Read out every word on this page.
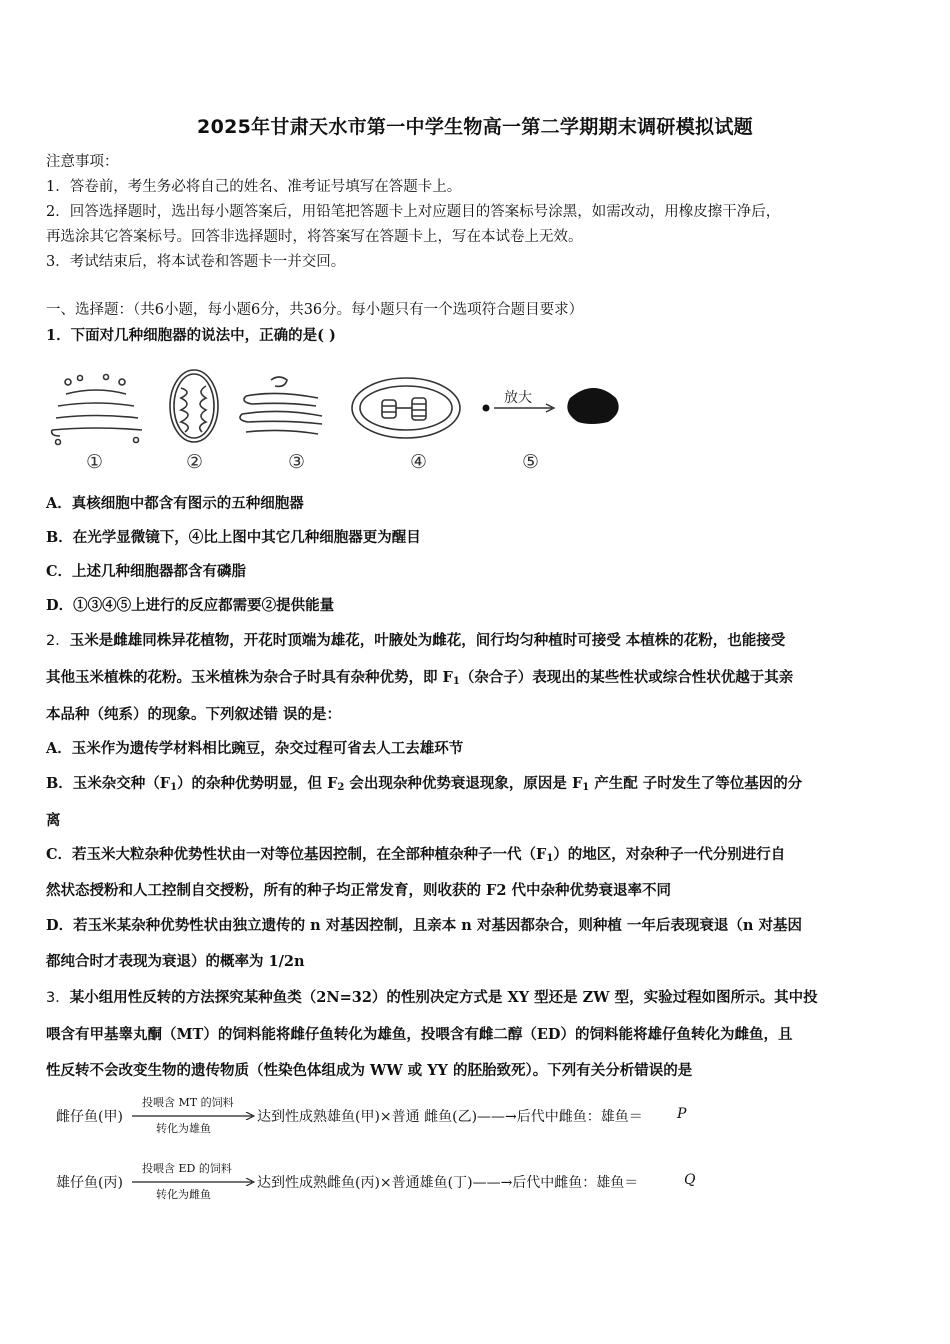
2025年甘肃天水市第一中学生物高一第二学期期末调研模拟试题
注意事项：
1．答卷前，考生务必将自己的姓名、准考证号填写在答题卡上。
2．回答选择题时，选出每小题答案后，用铅笔把答题卡上对应题目的答案标号涂黑，如需改动，用橡皮擦干净后，
再选涂其它答案标号。回答非选择题时，将答案写在答题卡上，写在本试卷上无效。
3．考试结束后，将本试卷和答题卡一并交回。
一、选择题：（共6小题，每小题6分，共36分。每小题只有一个选项符合题目要求）
1．下面对几种细胞器的说法中，正确的是( )
放大
①	②	③	④	⑤
A．真核细胞中都含有图示的五种细胞器
B．在光学显微镜下，④比上图中其它几种细胞器更为醒目
C．上述几种细胞器都含有磷脂
D．①③④⑤上进行的反应都需要②提供能量
2．玉米是雌雄同株异花植物，开花时顶端为雄花，叶腋处为雌花，间行均匀种植时可接受 本植株的花粉，也能接受
其他玉米植株的花粉。玉米植株为杂合子时具有杂种优势，即 $F_1$（杂合子）表现出的某些性状或综合性状优越于其亲
本品种（纯系）的现象。下列叙述错 误的是：
A．玉米作为遗传学材料相比豌豆，杂交过程可省去人工去雄环节
B．玉米杂交种$(F_1)$的杂种优势明显，但 $F_2$ 会出现杂种优势衰退现象，原因是 $F_1$ 产生配 子时发生了等位基因的分
离
C．若玉米大粒杂种优势性状由一对等位基因控制，在全部种植杂种子一代$(F_1)$的地区，对杂种子一代分别进行自
然状态授粉和人工控制自交授粉，所有的种子均正常发育，则收获的 F2 代中杂种优势衰退率不同
D．若玉米某杂种优势性状由独立遗传的 n 对基因控制，且亲本 n 对基因都杂合，则种植 一年后表现衰退（n 对基因
都纯合时才表现为衰退）的概率为 1/2n
3．某小组用性反转的方法探究某种鱼类（2N=32）的性别决定方式是 XY 型还是 ZW 型，实验过程如图所示。其中投
喂含有甲基睾丸酮（MT）的饲料能将雌仔鱼转化为雄鱼，投喂含有雌二醇（ED）的饲料能将雄仔鱼转化为雌鱼，且
性反转不会改变生物的遗传物质（性染色体组成为 WW 或 YY 的胚胎致死）。下列有关分析错误的是
雌仔鱼(甲)
投喂含 MT 的饲料
转化为雄鱼
达到性成熟雄鱼(甲)×普通 雌鱼(乙)——→后代中雌鱼：雄鱼＝ P
雄仔鱼(丙)
投喂含 ED 的饲料
转化为雌鱼
达到性成熟雌鱼(丙)×普通雄鱼(丁)——→后代中雌鱼：雄鱼＝	Q
